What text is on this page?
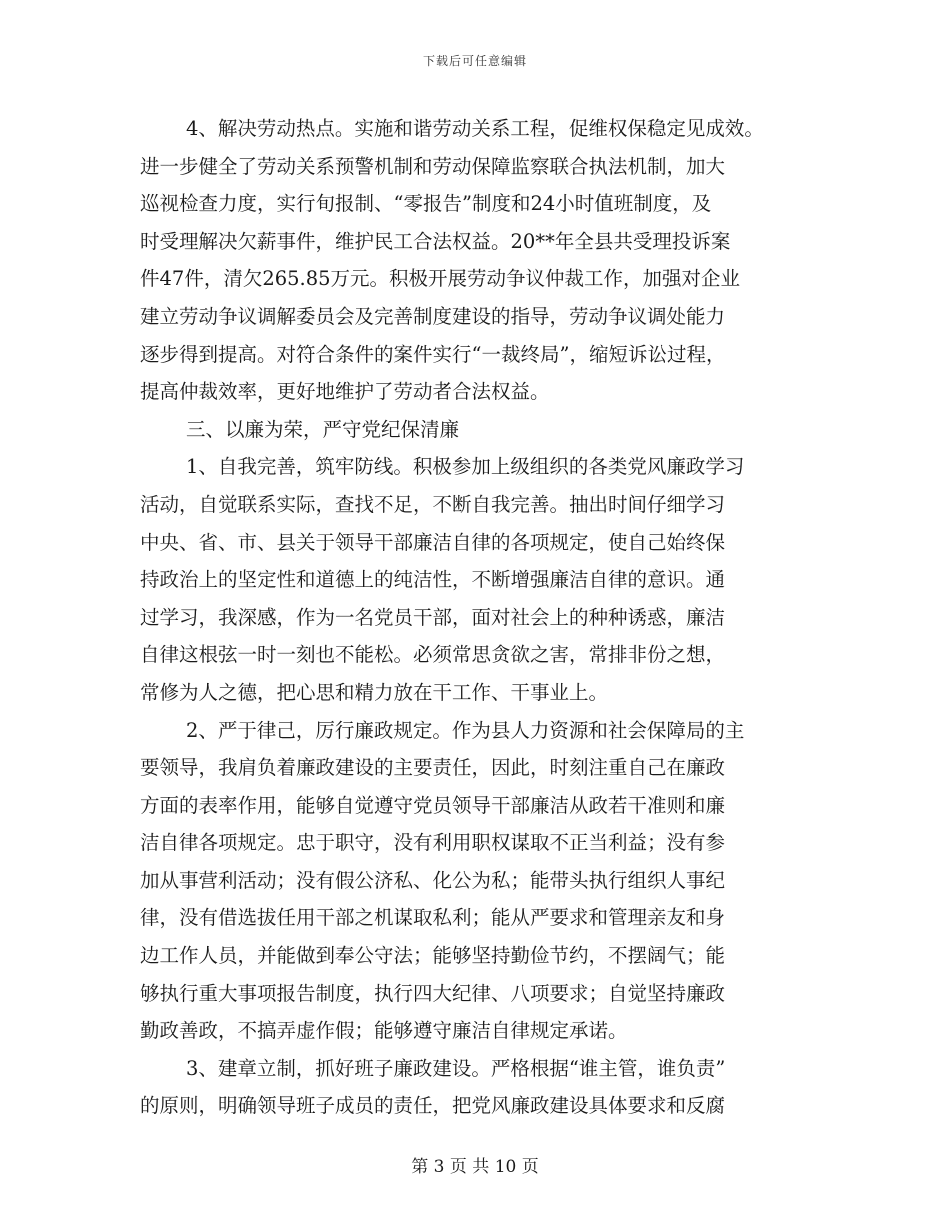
下载后可任意编辑
4、解决劳动热点。实施和谐劳动关系工程，促维权保稳定见成效。
进一步健全了劳动关系预警机制和劳动保障监察联合执法机制，加大
巡视检查力度，实行旬报制、“零报告”制度和24小时值班制度，及
时受理解决欠薪事件，维护民工合法权益。20**年全县共受理投诉案
件47件，清欠265.85万元。积极开展劳动争议仲裁工作，加强对企业
建立劳动争议调解委员会及完善制度建设的指导，劳动争议调处能力
逐步得到提高。对符合条件的案件实行“一裁终局”，缩短诉讼过程，
提高仲裁效率，更好地维护了劳动者合法权益。
三、以廉为荣，严守党纪保清廉
1、自我完善，筑牢防线。积极参加上级组织的各类党风廉政学习
活动，自觉联系实际，查找不足，不断自我完善。抽出时间仔细学习
中央、省、市、县关于领导干部廉洁自律的各项规定，使自己始终保
持政治上的坚定性和道德上的纯洁性，不断增强廉洁自律的意识。通
过学习，我深感，作为一名党员干部，面对社会上的种种诱惑，廉洁
自律这根弦一时一刻也不能松。必须常思贪欲之害，常排非份之想，
常修为人之德，把心思和精力放在干工作、干事业上。
2、严于律己，厉行廉政规定。作为县人力资源和社会保障局的主
要领导，我肩负着廉政建设的主要责任，因此，时刻注重自己在廉政
方面的表率作用，能够自觉遵守党员领导干部廉洁从政若干准则和廉
洁自律各项规定。忠于职守，没有利用职权谋取不正当利益；没有参
加从事营利活动；没有假公济私、化公为私；能带头执行组织人事纪
律，没有借选拔任用干部之机谋取私利；能从严要求和管理亲友和身
边工作人员，并能做到奉公守法；能够坚持勤俭节约，不摆阔气；能
够执行重大事项报告制度，执行四大纪律、八项要求；自觉坚持廉政
勤政善政，不搞弄虚作假；能够遵守廉洁自律规定承诺。
3、建章立制，抓好班子廉政建设。严格根据“谁主管，谁负责”
的原则，明确领导班子成员的责任，把党风廉政建设具体要求和反腐
第 3 页 共 10 页
